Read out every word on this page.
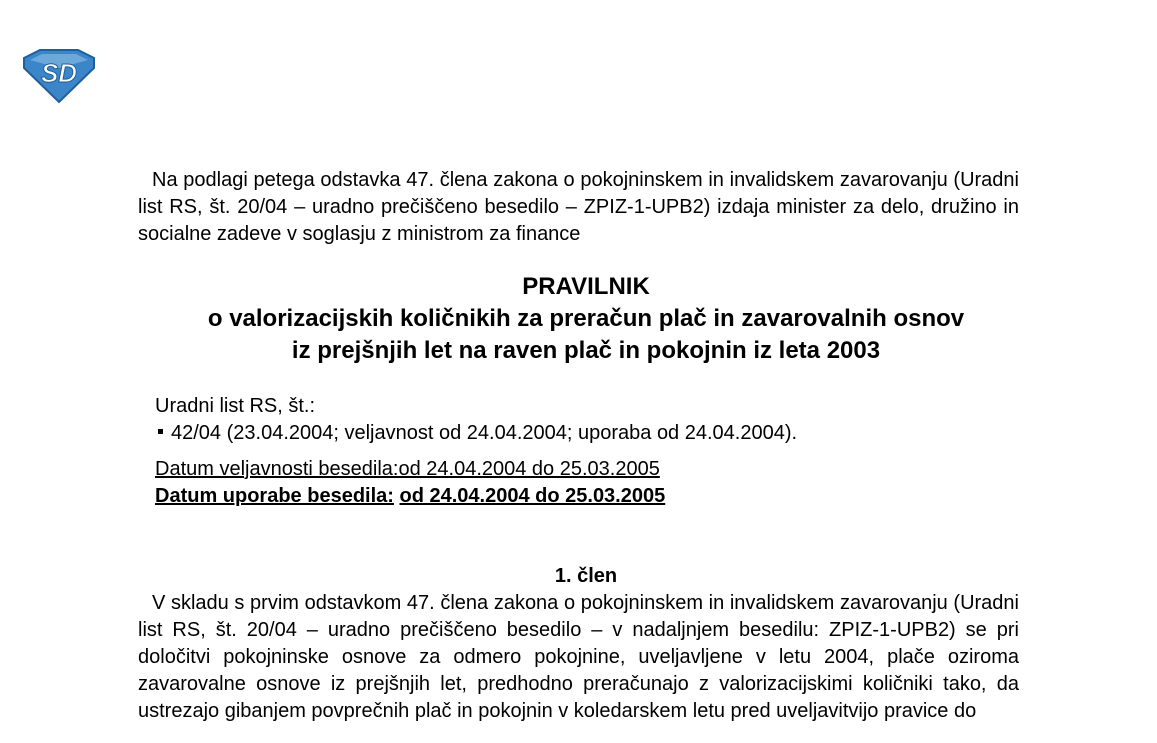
SD
Na podlagi petega odstavka 47. člena zakona o pokojninskem in invalidskem zavarovanju (Uradni list RS, št. 20/04 – uradno prečiščeno besedilo – ZPIZ-1-UPB2) izdaja minister za delo, družino in socialne zadeve v soglasju z ministrom za finance
PRAVILNIK
o valorizacijskih količnikih za preračun plač in zavarovalnih osnov
iz prejšnjih let na raven plač in pokojnin iz leta 2003
Uradni list RS, št.:
42/04 (23.04.2004; veljavnost od 24.04.2004; uporaba od 24.04.2004).
Datum veljavnosti besedila:od 24.04.2004 do 25.03.2005
Datum uporabe besedila: od 24.04.2004 do 25.03.2005
1. člen
V skladu s prvim odstavkom 47. člena zakona o pokojninskem in invalidskem zavarovanju (Uradni list RS, št. 20/04 – uradno prečiščeno besedilo – v nadaljnjem besedilu: ZPIZ-1-UPB2) se pri določitvi pokojninske osnove za odmero pokojnine, uveljavljene v letu 2004, plače oziroma zavarovalne osnove iz prejšnjih let, predhodno preračunajo z valorizacijskimi količniki tako, da ustrezajo gibanjem povprečnih plač in pokojnin v koledarskem letu pred uveljavitvijo pravice do
